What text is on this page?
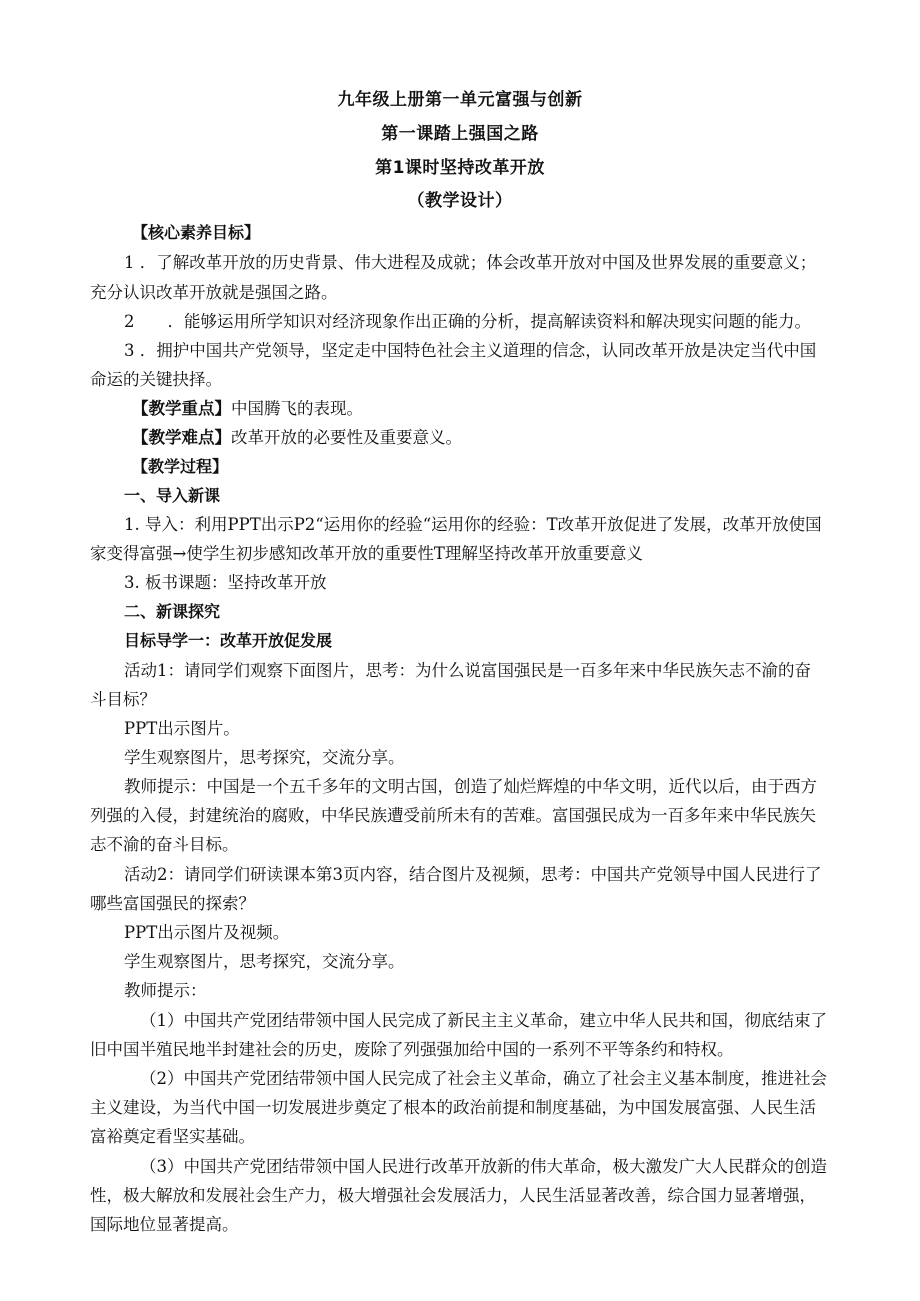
九年级上册第一单元富强与创新
第一课踏上强国之路
第1课时坚持改革开放
（教学设计）
【核心素养目标】
1 ．了解改革开放的历史背景、伟大进程及成就；体会改革开放对中国及世界发展的重要意义；
充分认识改革开放就是强国之路。
2　　．能够运用所学知识对经济现象作出正确的分析，提高解读资料和解决现实问题的能力。
3 ．拥护中国共产党领导，坚定走中国特色社会主义道理的信念，认同改革开放是决定当代中国
命运的关键抉择。
【教学重点】中国腾飞的表现。
【教学难点】改革开放的必要性及重要意义。
【教学过程】
一、导入新课
1. 导入：利用PPT出示P2“运用你的经验“运用你的经验：T改革开放促进了发展，改革开放使国
家变得富强→使学生初步感知改革开放的重要性T理解坚持改革开放重要意义
3. 板书课题：坚持改革开放
二、新课探究
目标导学一：改革开放促发展
活动1：请同学们观察下面图片，思考：为什么说富国强民是一百多年来中华民族矢志不渝的奋
斗目标？
PPT出示图片。
学生观察图片，思考探究，交流分享。
教师提示：中国是一个五千多年的文明古国，创造了灿烂辉煌的中华文明，近代以后，由于西方
列强的入侵，封建统治的腐败，中华民族遭受前所未有的苦难。富国强民成为一百多年来中华民族矢
志不渝的奋斗目标。
活动2：请同学们研读课本第3页内容，结合图片及视频，思考：中国共产党领导中国人民进行了
哪些富国强民的探索？
PPT出示图片及视频。
学生观察图片，思考探究，交流分享。
教师提示：
（1）中国共产党团结带领中国人民完成了新民主主义革命，建立中华人民共和国，彻底结束了
旧中国半殖民地半封建社会的历史，废除了列强强加给中国的一系列不平等条约和特权。
（2）中国共产党团结带领中国人民完成了社会主义革命，确立了社会主义基本制度，推进社会
主义建设，为当代中国一切发展进步奠定了根本的政治前提和制度基础，为中国发展富强、人民生活
富裕奠定看坚实基础。
（3）中国共产党团结带领中国人民进行改革开放新的伟大革命，极大激发广大人民群众的创造
性，极大解放和发展社会生产力，极大增强社会发展活力，人民生活显著改善，综合国力显著增强，
国际地位显著提高。
